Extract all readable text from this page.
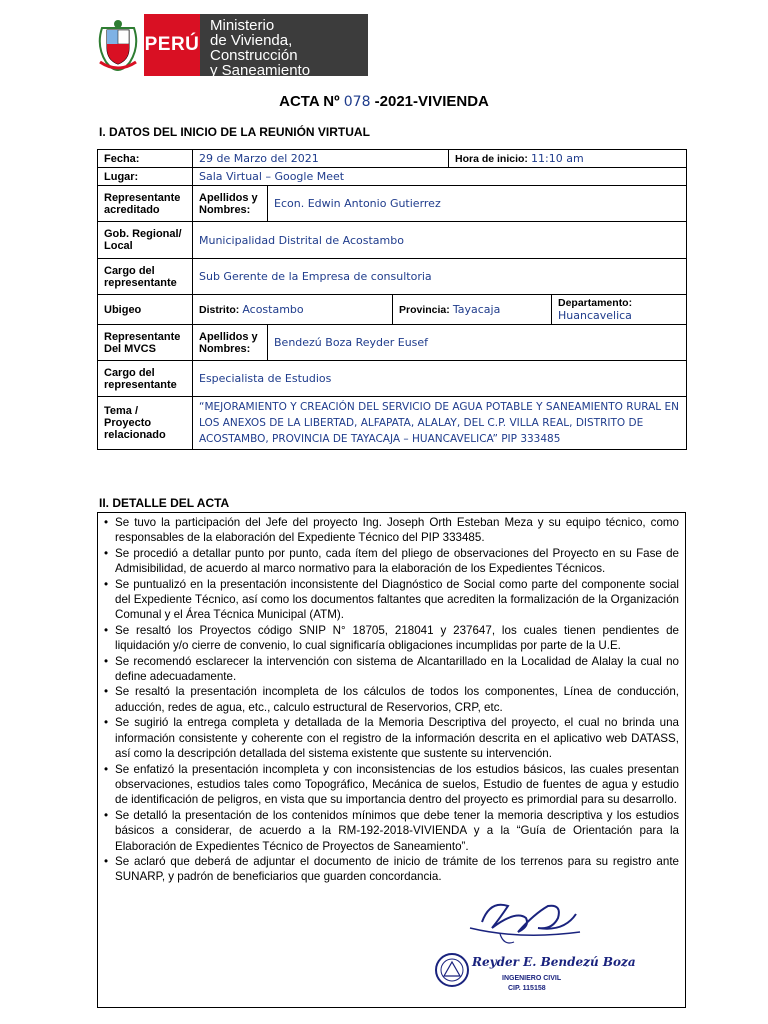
PERÚ
Ministerio
de Vivienda, Construcción
y Saneamiento
ACTA Nº 078 -2021-VIVIENDA
I. DATOS DEL INICIO DE LA REUNIÓN VIRTUAL
Fecha:	29 de Marzo del 2021			Hora de inicio: 11:10 am	
Lugar:	Sala Virtual – Google Meet				
Representante acreditado	Apellidos y Nombres:	Econ. Edwin Antonio Gutierrez			
Gob. Regional/ Local	Municipalidad Distrital de Acostambo				
Cargo del representante	Sub Gerente de la Empresa de consultoria				
Ubigeo	Distrito: Acostambo		Provincia: Tayacaja		Departamento: Huancavelica
Representante Del MVCS	Apellidos y Nombres:	Bendezú Boza Reyder Eusef			
Cargo del representante	Especialista de Estudios				
Tema / Proyecto relacionado	“MEJORAMIENTO Y CREACIÓN DEL SERVICIO DE AGUA POTABLE Y SANEAMIENTO RURAL EN LOS ANEXOS DE LA LIBERTAD, ALFAPATA, ALALAY, DEL C.P. VILLA REAL, DISTRITO DE ACOSTAMBO, PROVINCIA DE TAYACAJA – HUANCAVELICA” PIP 333485				
II. DETALLE DEL ACTA
• Se tuvo la participación del Jefe del proyecto Ing. Joseph Orth Esteban Meza y su equipo técnico, como responsables de la elaboración del Expediente Técnico del PIP 333485.
• Se procedió a detallar punto por punto, cada ítem del pliego de observaciones del Proyecto en su Fase de Admisibilidad, de acuerdo al marco normativo para la elaboración de los Expedientes Técnicos.
• Se puntualizó en la presentación inconsistente del Diagnóstico de Social como parte del componente social del Expediente Técnico, así como los documentos faltantes que acrediten la formalización de la Organización Comunal y el Área Técnica Municipal (ATM).
• Se resaltó los Proyectos código SNIP N° 18705, 218041 y 237647, los cuales tienen pendientes de liquidación y/o cierre de convenio, lo cual significaría obligaciones incumplidas por parte de la U.E.
• Se recomendó esclarecer la intervención con sistema de Alcantarillado en la Localidad de Alalay la cual no define adecuadamente.
• Se resaltó la presentación incompleta de los cálculos de todos los componentes, Línea de conducción, aducción, redes de agua, etc., calculo estructural de Reservorios, CRP, etc.
• Se sugirió la entrega completa y detallada de la Memoria Descriptiva del proyecto, el cual no brinda una información consistente y coherente con el registro de la información descrita en el aplicativo web DATASS, así como la descripción detallada del sistema existente que sustente su intervención.
• Se enfatizó la presentación incompleta y con inconsistencias de los estudios básicos, las cuales presentan observaciones, estudios tales como Topográfico, Mecánica de suelos, Estudio de fuentes de agua y estudio de identificación de peligros, en vista que su importancia dentro del proyecto es primordial para su desarrollo.
• Se detalló la presentación de los contenidos mínimos que debe tener la memoria descriptiva y los estudios básicos a considerar, de acuerdo a la RM-192-2018-VIVIENDA y a la “Guía de Orientación para la Elaboración de Expedientes Técnico de Proyectos de Saneamiento”.
• Se aclaró que deberá de adjuntar el documento de inicio de trámite de los terrenos para su registro ante SUNARP, y padrón de beneficiarios que guarden concordancia.
Reyder E. Bendezú Boza
INGENIERO CIVIL
CIP. 115158
